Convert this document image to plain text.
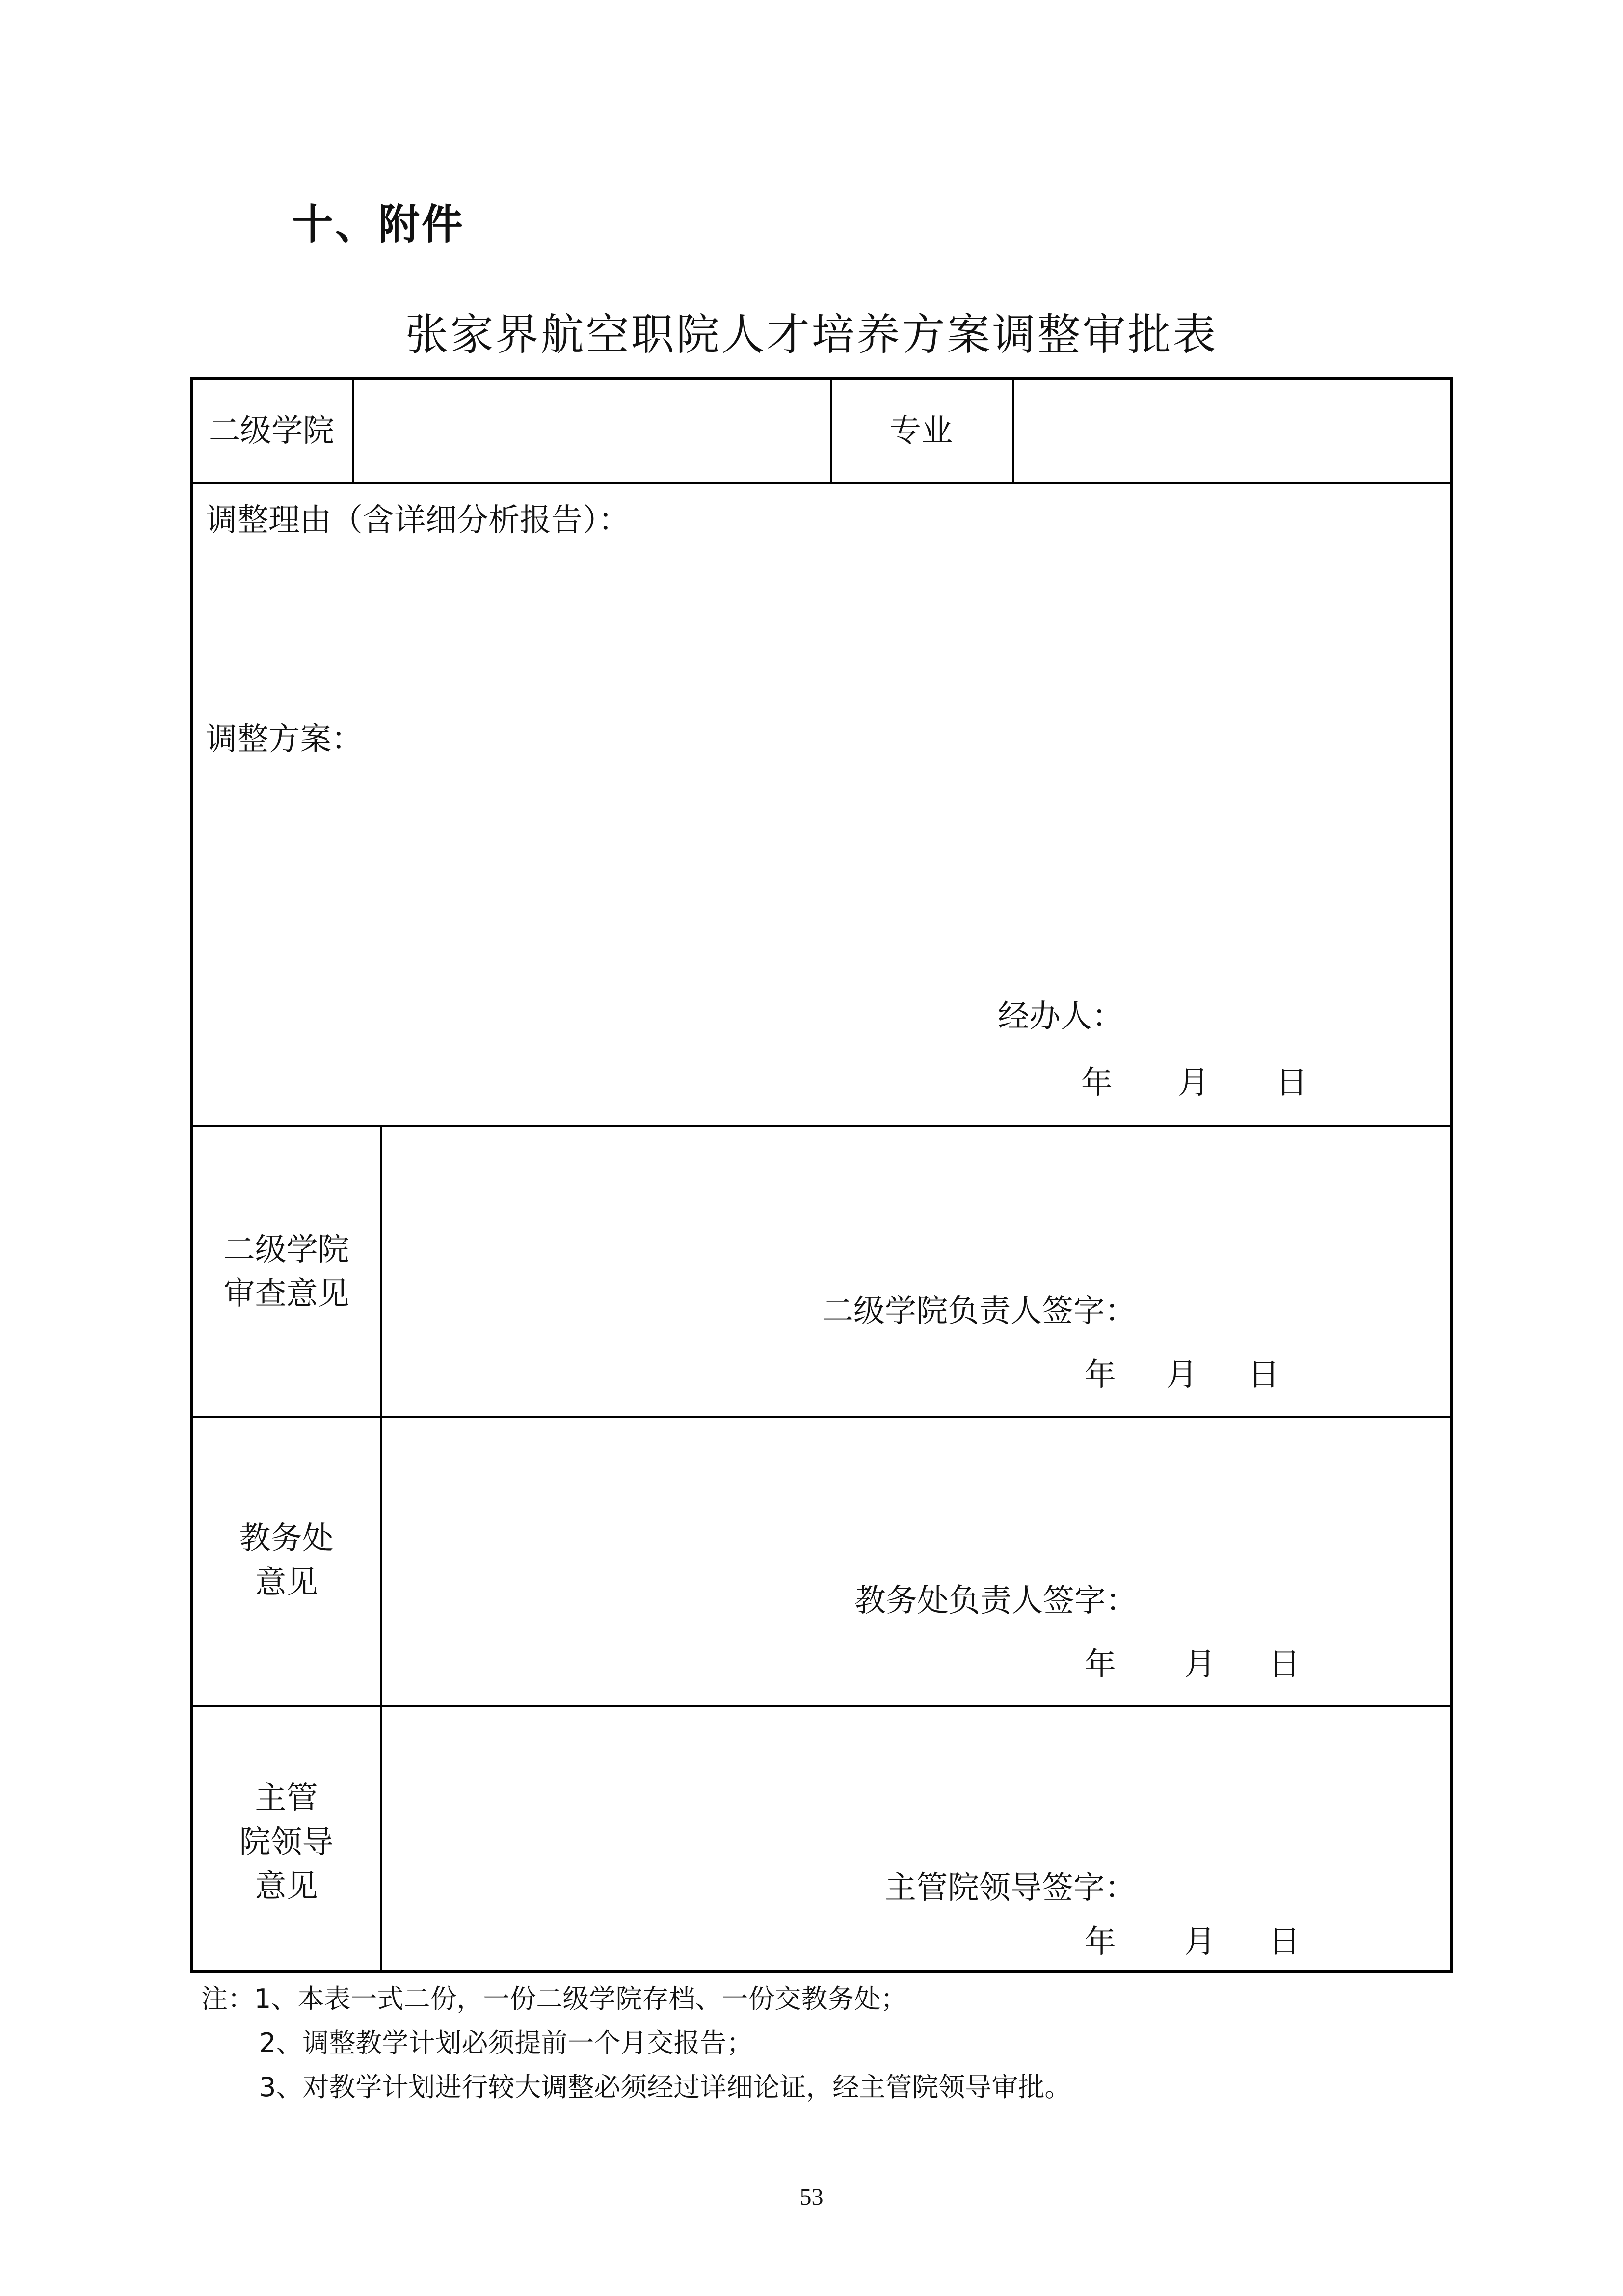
十、附件
张家界航空职院人才培养方案调整审批表
二级学院	专业
调整理由（含详细分析报告）：
调整方案：
经办人：
年 月 日
二级学院
审查意见	二级学院负责人签字：
年 月 日
教务处
意见	教务处负责人签字：
年 月 日
主管
院领导
意见	主管院领导签字：
年 月 日
注：1、本表一式二份，一份二级学院存档、一份交教务处；
2、调整教学计划必须提前一个月交报告；
3、对教学计划进行较大调整必须经过详细论证，经主管院领导审批。
53
